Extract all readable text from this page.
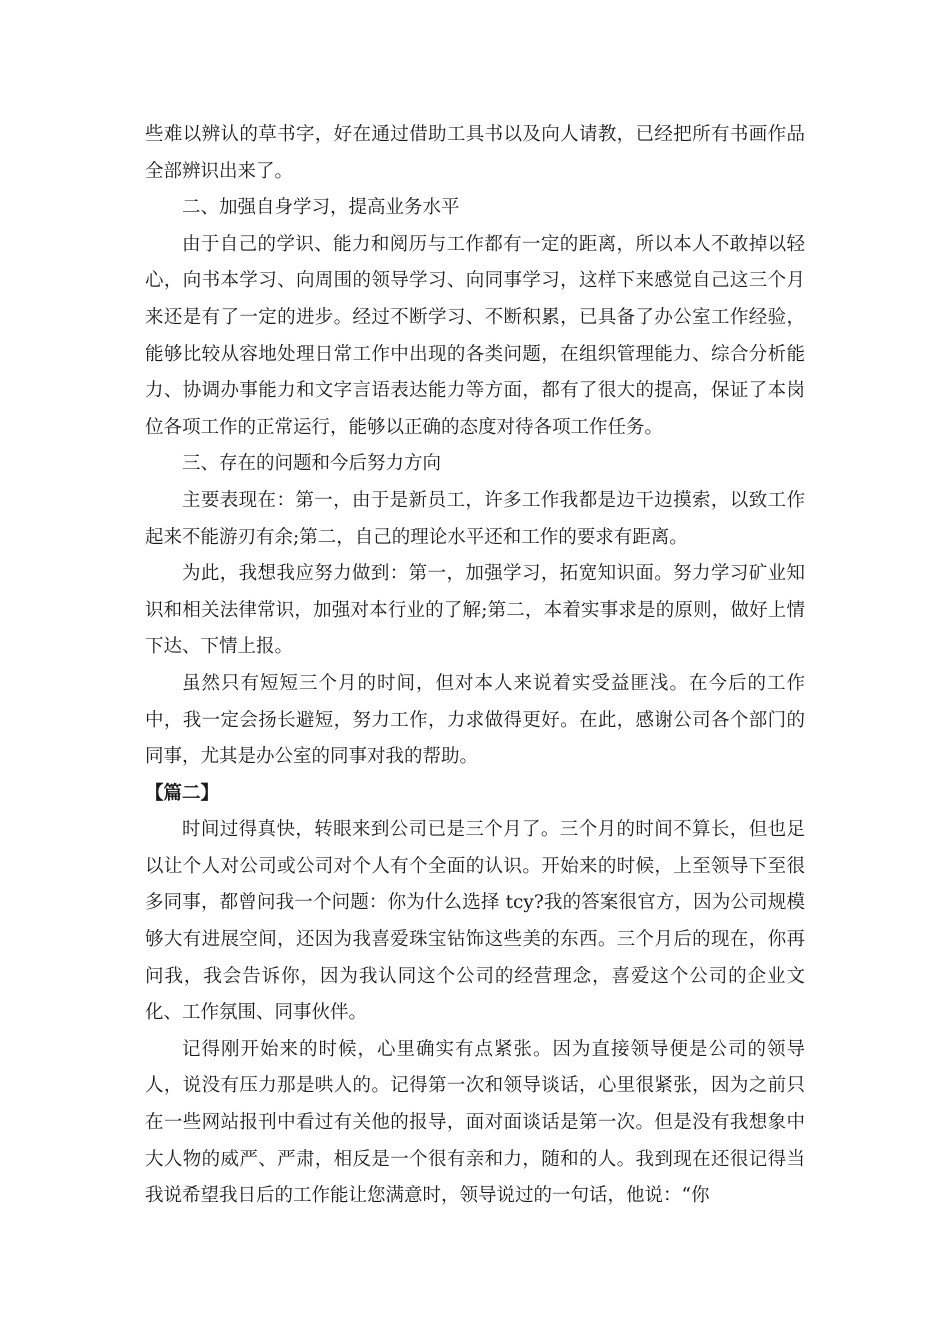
些难以辨认的草书字，好在通过借助工具书以及向人请教，已经把所有书画作品全部辨识出来了。

二、加强自身学习，提高业务水平

由于自己的学识、能力和阅历与工作都有一定的距离，所以本人不敢掉以轻心，向书本学习、向周围的领导学习、向同事学习，这样下来感觉自己这三个月来还是有了一定的进步。经过不断学习、不断积累，已具备了办公室工作经验，能够比较从容地处理日常工作中出现的各类问题，在组织管理能力、综合分析能力、协调办事能力和文字言语表达能力等方面，都有了很大的提高，保证了本岗位各项工作的正常运行，能够以正确的态度对待各项工作任务。

三、存在的问题和今后努力方向

主要表现在：第一，由于是新员工，许多工作我都是边干边摸索，以致工作起来不能游刃有余;第二，自己的理论水平还和工作的要求有距离。

为此，我想我应努力做到：第一，加强学习，拓宽知识面。努力学习矿业知识和相关法律常识，加强对本行业的了解;第二，本着实事求是的原则，做好上情下达、下情上报。

虽然只有短短三个月的时间，但对本人来说着实受益匪浅。在今后的工作中，我一定会扬长避短，努力工作，力求做得更好。在此，感谢公司各个部门的同事，尤其是办公室的同事对我的帮助。

【篇二】

时间过得真快，转眼来到公司已是三个月了。三个月的时间不算长，但也足以让个人对公司或公司对个人有个全面的认识。开始来的时候，上至领导下至很多同事，都曾问我一个问题：你为什么选择 tcy?我的答案很官方，因为公司规模够大有进展空间，还因为我喜爱珠宝钻饰这些美的东西。三个月后的现在，你再问我，我会告诉你，因为我认同这个公司的经营理念，喜爱这个公司的企业文化、工作氛围、同事伙伴。

记得刚开始来的时候，心里确实有点紧张。因为直接领导便是公司的领导人，说没有压力那是哄人的。记得第一次和领导谈话，心里很紧张，因为之前只在一些网站报刊中看过有关他的报导，面对面谈话是第一次。但是没有我想象中大人物的威严、严肃，相反是一个很有亲和力，随和的人。我到现在还很记得当我说希望我日后的工作能让您满意时，领导说过的一句话，他说：“你
